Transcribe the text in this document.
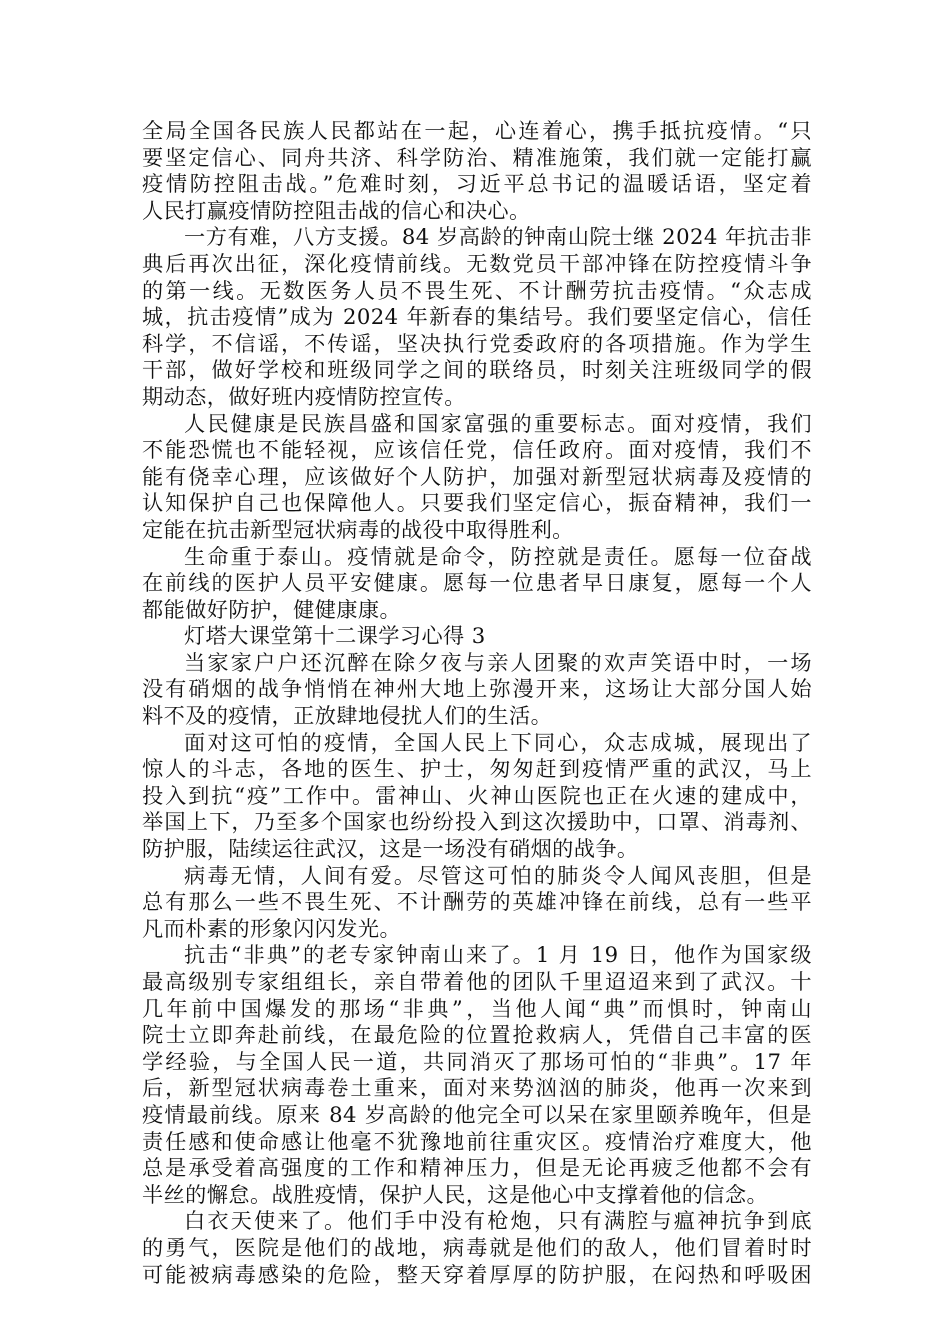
全局全国各民族人民都站在一起，心连着心，携手抵抗疫情。“只
要坚定信心、同舟共济、科学防治、精准施策，我们就一定能打赢
疫情防控阻击战。”危难时刻，习近平总书记的温暖话语，坚定着
人民打赢疫情防控阻击战的信心和决心。
一方有难，八方支援。84 岁高龄的钟南山院士继 2024 年抗击非
典后再次出征，深化疫情前线。无数党员干部冲锋在防控疫情斗争
的第一线。无数医务人员不畏生死、不计酬劳抗击疫情。“众志成
城，抗击疫情”成为 2024 年新春的集结号。我们要坚定信心，信任
科学，不信谣，不传谣，坚决执行党委政府的各项措施。作为学生
干部，做好学校和班级同学之间的联络员，时刻关注班级同学的假
期动态，做好班内疫情防控宣传。
人民健康是民族昌盛和国家富强的重要标志。面对疫情，我们
不能恐慌也不能轻视，应该信任党，信任政府。面对疫情，我们不
能有侥幸心理，应该做好个人防护，加强对新型冠状病毒及疫情的
认知保护自己也保障他人。只要我们坚定信心，振奋精神，我们一
定能在抗击新型冠状病毒的战役中取得胜利。
生命重于泰山。疫情就是命令，防控就是责任。愿每一位奋战
在前线的医护人员平安健康。愿每一位患者早日康复，愿每一个人
都能做好防护，健健康康。
灯塔大课堂第十二课学习心得 3
当家家户户还沉醉在除夕夜与亲人团聚的欢声笑语中时，一场
没有硝烟的战争悄悄在神州大地上弥漫开来，这场让大部分国人始
料不及的疫情，正放肆地侵扰人们的生活。
面对这可怕的疫情，全国人民上下同心，众志成城，展现出了
惊人的斗志，各地的医生、护士，匆匆赶到疫情严重的武汉，马上
投入到抗“疫”工作中。雷神山、火神山医院也正在火速的建成中，
举国上下，乃至多个国家也纷纷投入到这次援助中，口罩、消毒剂、
防护服，陆续运往武汉，这是一场没有硝烟的战争。
病毒无情，人间有爱。尽管这可怕的肺炎令人闻风丧胆，但是
总有那么一些不畏生死、不计酬劳的英雄冲锋在前线，总有一些平
凡而朴素的形象闪闪发光。
抗击“非典”的老专家钟南山来了。1 月 19 日，他作为国家级
最高级别专家组组长，亲自带着他的团队千里迢迢来到了武汉。十
几年前中国爆发的那场“非典”，当他人闻“典”而惧时，钟南山
院士立即奔赴前线，在最危险的位置抢救病人，凭借自己丰富的医
学经验，与全国人民一道，共同消灭了那场可怕的“非典”。17 年
后，新型冠状病毒卷土重来，面对来势汹汹的肺炎，他再一次来到
疫情最前线。原来 84 岁高龄的他完全可以呆在家里颐养晚年，但是
责任感和使命感让他毫不犹豫地前往重灾区。疫情治疗难度大，他
总是承受着高强度的工作和精神压力，但是无论再疲乏他都不会有
半丝的懈怠。战胜疫情，保护人民，这是他心中支撑着他的信念。
白衣天使来了。他们手中没有枪炮，只有满腔与瘟神抗争到底
的勇气，医院是他们的战地，病毒就是他们的敌人，他们冒着时时
可能被病毒感染的危险，整天穿着厚厚的防护服，在闷热和呼吸困
